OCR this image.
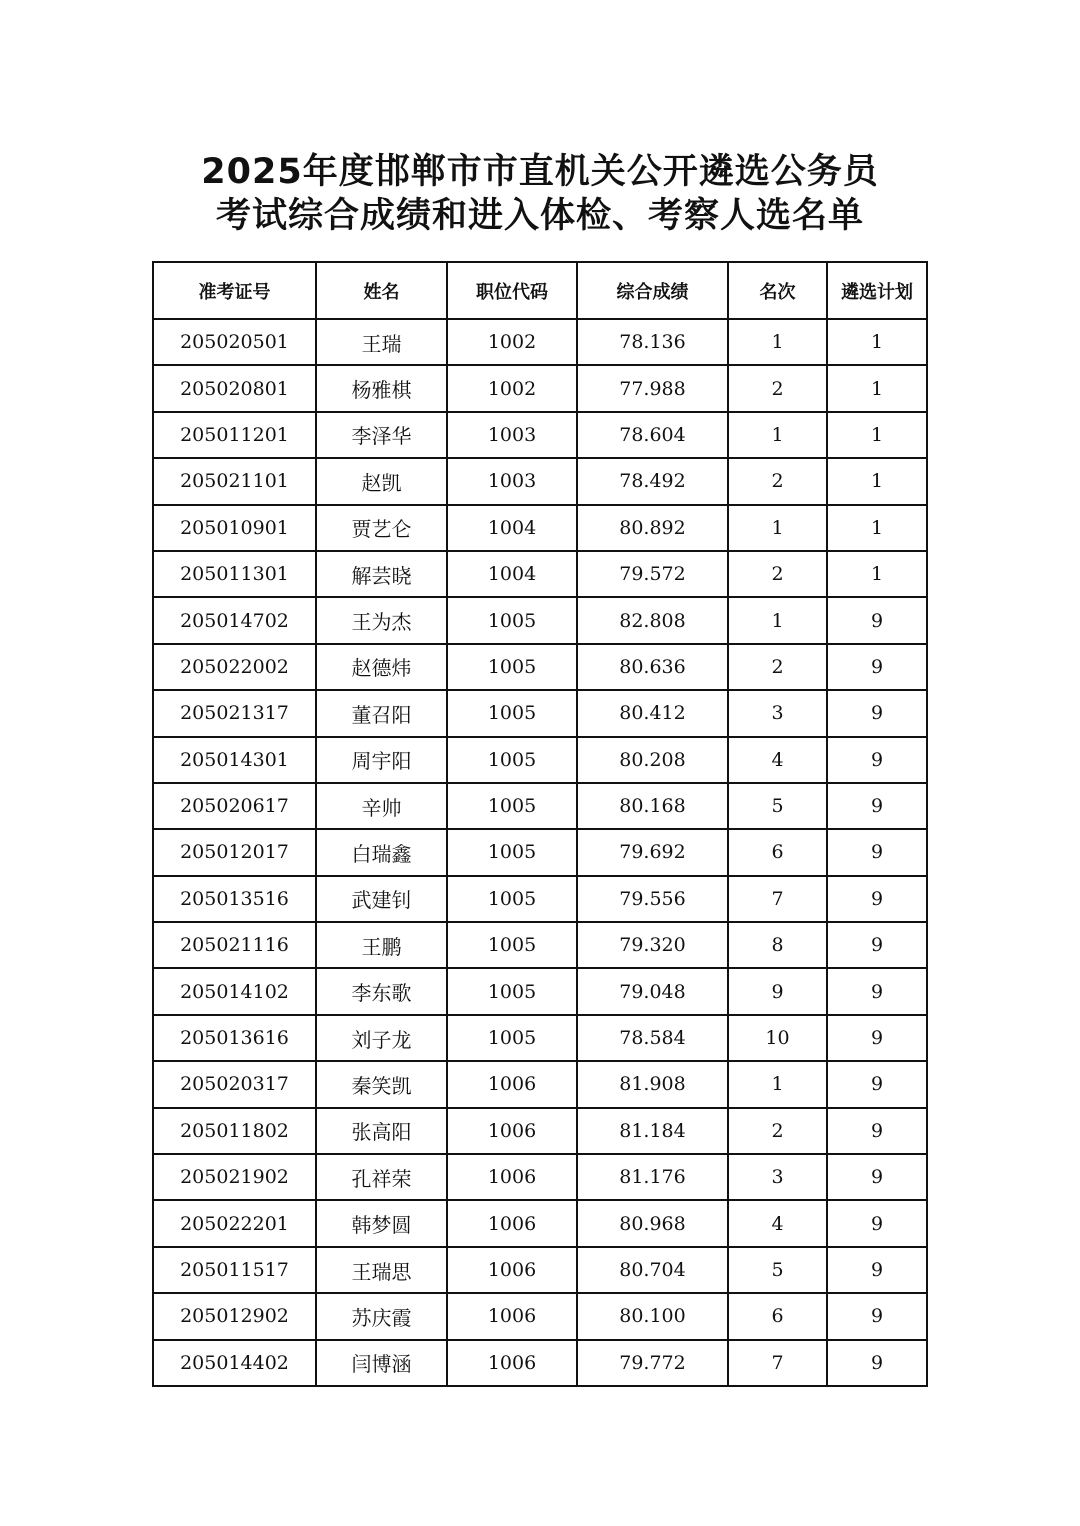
2025年度邯郸市市直机关公开遴选公务员
考试综合成绩和进入体检、考察人选名单
准考证号	姓名	职位代码	综合成绩	名次	遴选计划
205020501	王瑞	1002	78.136	1	1
205020801	杨雅棋	1002	77.988	2	1
205011201	李泽华	1003	78.604	1	1
205021101	赵凯	1003	78.492	2	1
205010901	贾艺仑	1004	80.892	1	1
205011301	解芸晓	1004	79.572	2	1
205014702	王为杰	1005	82.808	1	9
205022002	赵德炜	1005	80.636	2	9
205021317	董召阳	1005	80.412	3	9
205014301	周宇阳	1005	80.208	4	9
205020617	辛帅	1005	80.168	5	9
205012017	白瑞鑫	1005	79.692	6	9
205013516	武建钊	1005	79.556	7	9
205021116	王鹏	1005	79.320	8	9
205014102	李东歌	1005	79.048	9	9
205013616	刘子龙	1005	78.584	10	9
205020317	秦笑凯	1006	81.908	1	9
205011802	张高阳	1006	81.184	2	9
205021902	孔祥荣	1006	81.176	3	9
205022201	韩梦圆	1006	80.968	4	9
205011517	王瑞思	1006	80.704	5	9
205012902	苏庆霞	1006	80.100	6	9
205014402	闫博涵	1006	79.772	7	9
